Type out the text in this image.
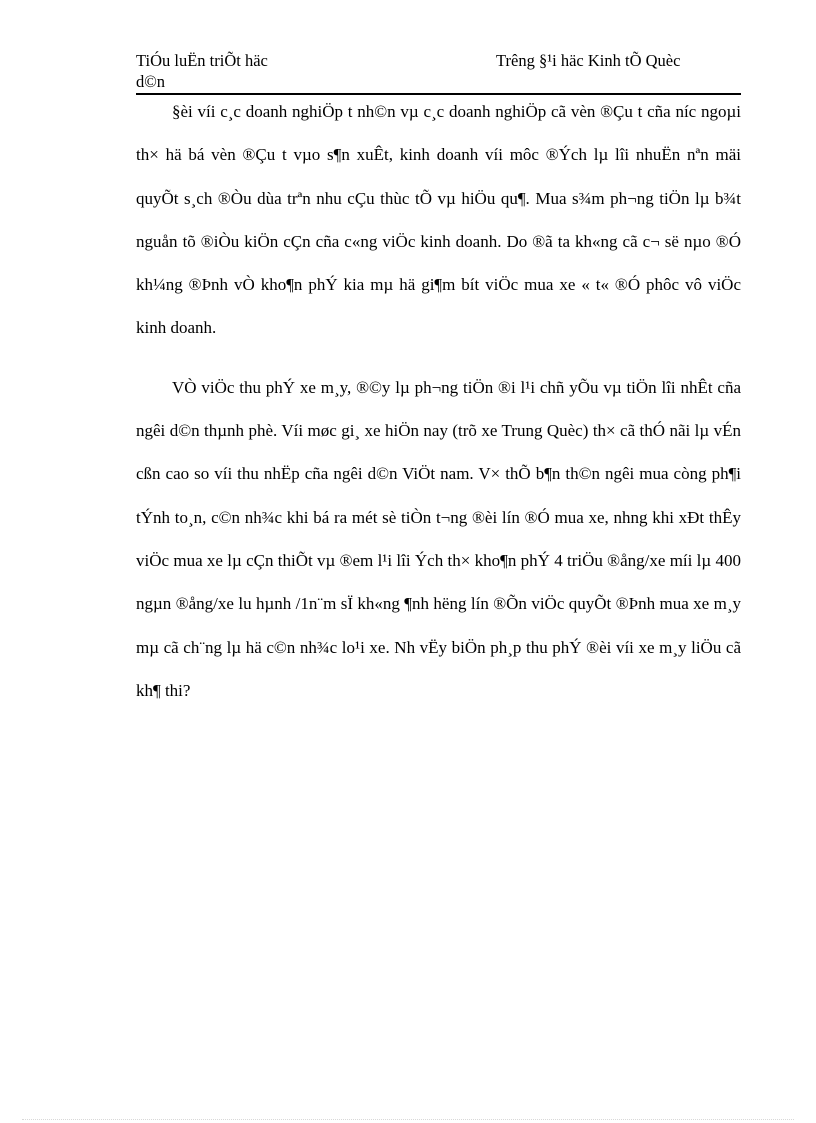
TiÓu luËn triÕt häc
d©n
Trêng §¹i häc Kinh tÕ Quèc

§èi víi c¸c doanh nghiÖp t nh©n vµ c¸c doanh nghiÖp cã vèn ®Çu t cña níc ngoµi th× hä bá vèn ®Çu t vµo s¶n xuÊt, kinh doanh víi môc ®Ých lµ lîi nhuËn nªn mäi quyÕt s¸ch ®Òu dùa trªn nhu cÇu thùc tÕ vµ hiÖu qu¶. Mua s¾m ph¬ng tiÖn lµ b¾t nguån tõ ®iÒu kiÖn cÇn cña c«ng viÖc kinh doanh. Do ®ã ta kh«ng cã c¬ së nµo ®Ó kh¼ng ®Þnh vÒ kho¶n phÝ kia mµ hä gi¶m bít viÖc mua xe « t« ®Ó phôc vô viÖc kinh doanh.

VÒ viÖc thu phÝ xe m¸y, ®©y lµ ph¬ng tiÖn ®i l¹i chñ yÕu vµ tiÖn lîi nhÊt cña ngêi d©n thµnh phè. Víi møc gi¸ xe hiÖn nay (trõ xe Trung Quèc) th× cã thÓ nãi lµ vÉn cßn cao so víi thu nhËp cña ngêi d©n ViÖt nam. V× thÕ b¶n th©n ngêi mua còng ph¶i tÝnh to¸n, c©n nh¾c khi bá ra mét sè tiÒn t¬ng ®èi lín ®Ó mua xe, nhng khi xÐt thÊy viÖc mua xe lµ cÇn thiÕt vµ ®em l¹i lîi Ých th× kho¶n phÝ 4 triÖu ®ång/xe míi lµ 400 ngµn ®ång/xe lu hµnh /1n¨m sÏ kh«ng ¶nh hëng lín ®Õn viÖc quyÕt ®Þnh mua xe m¸y mµ cã ch¨ng lµ hä c©n nh¾c lo¹i xe. Nh vËy biÖn ph¸p thu phÝ ®èi víi xe m¸y liÖu cã kh¶ thi?
